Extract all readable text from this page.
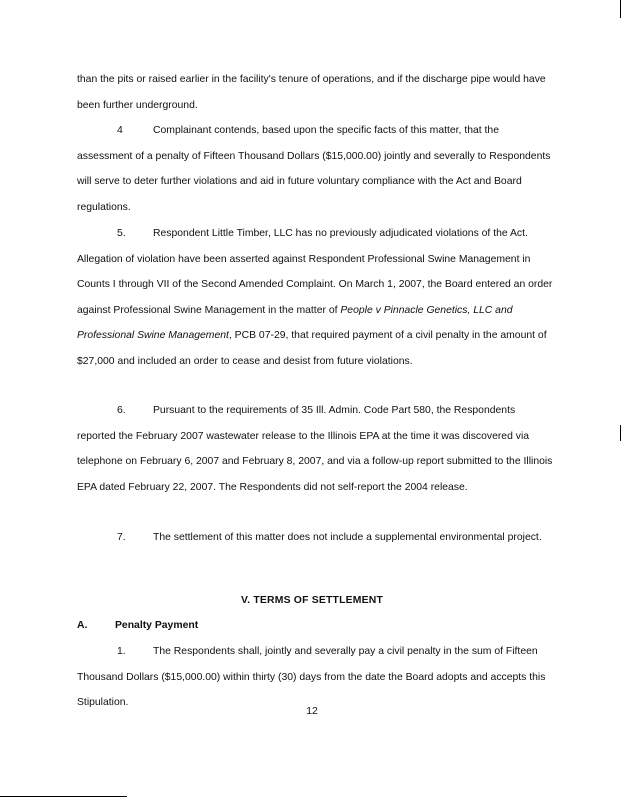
than the pits or raised earlier in the facility's tenure of operations, and if the discharge pipe would have been further underground.

4	Complainant contends, based upon the specific facts of this matter, that the assessment of a penalty of Fifteen Thousand Dollars ($15,000.00) jointly and severally to Respondents will serve to deter further violations and aid in future voluntary compliance with the Act and Board regulations.

5.	Respondent Little Timber, LLC has no previously adjudicated violations of the Act. Allegation of violation have been asserted against Respondent Professional Swine Management in Counts I through VII of the Second Amended Complaint. On March 1, 2007, the Board entered an order against Professional Swine Management in the matter of People v Pinnacle Genetics, LLC and Professional Swine Management, PCB 07-29, that required payment of a civil penalty in the amount of $27,000 and included an order to cease and desist from future violations.

6.	Pursuant to the requirements of 35 Ill. Admin. Code Part 580, the Respondents reported the February 2007 wastewater release to the Illinois EPA at the time it was discovered via telephone on February 6, 2007 and February 8, 2007, and via a follow-up report submitted to the Illinois EPA dated February 22, 2007. The Respondents did not self-report the 2004 release.

7.	The settlement of this matter does not include a supplemental environmental project.

V. TERMS OF SETTLEMENT
A.	Penalty Payment

1.	The Respondents shall, jointly and severally pay a civil penalty in the sum of Fifteen Thousand Dollars ($15,000.00) within thirty (30) days from the date the Board adopts and accepts this Stipulation.

12
